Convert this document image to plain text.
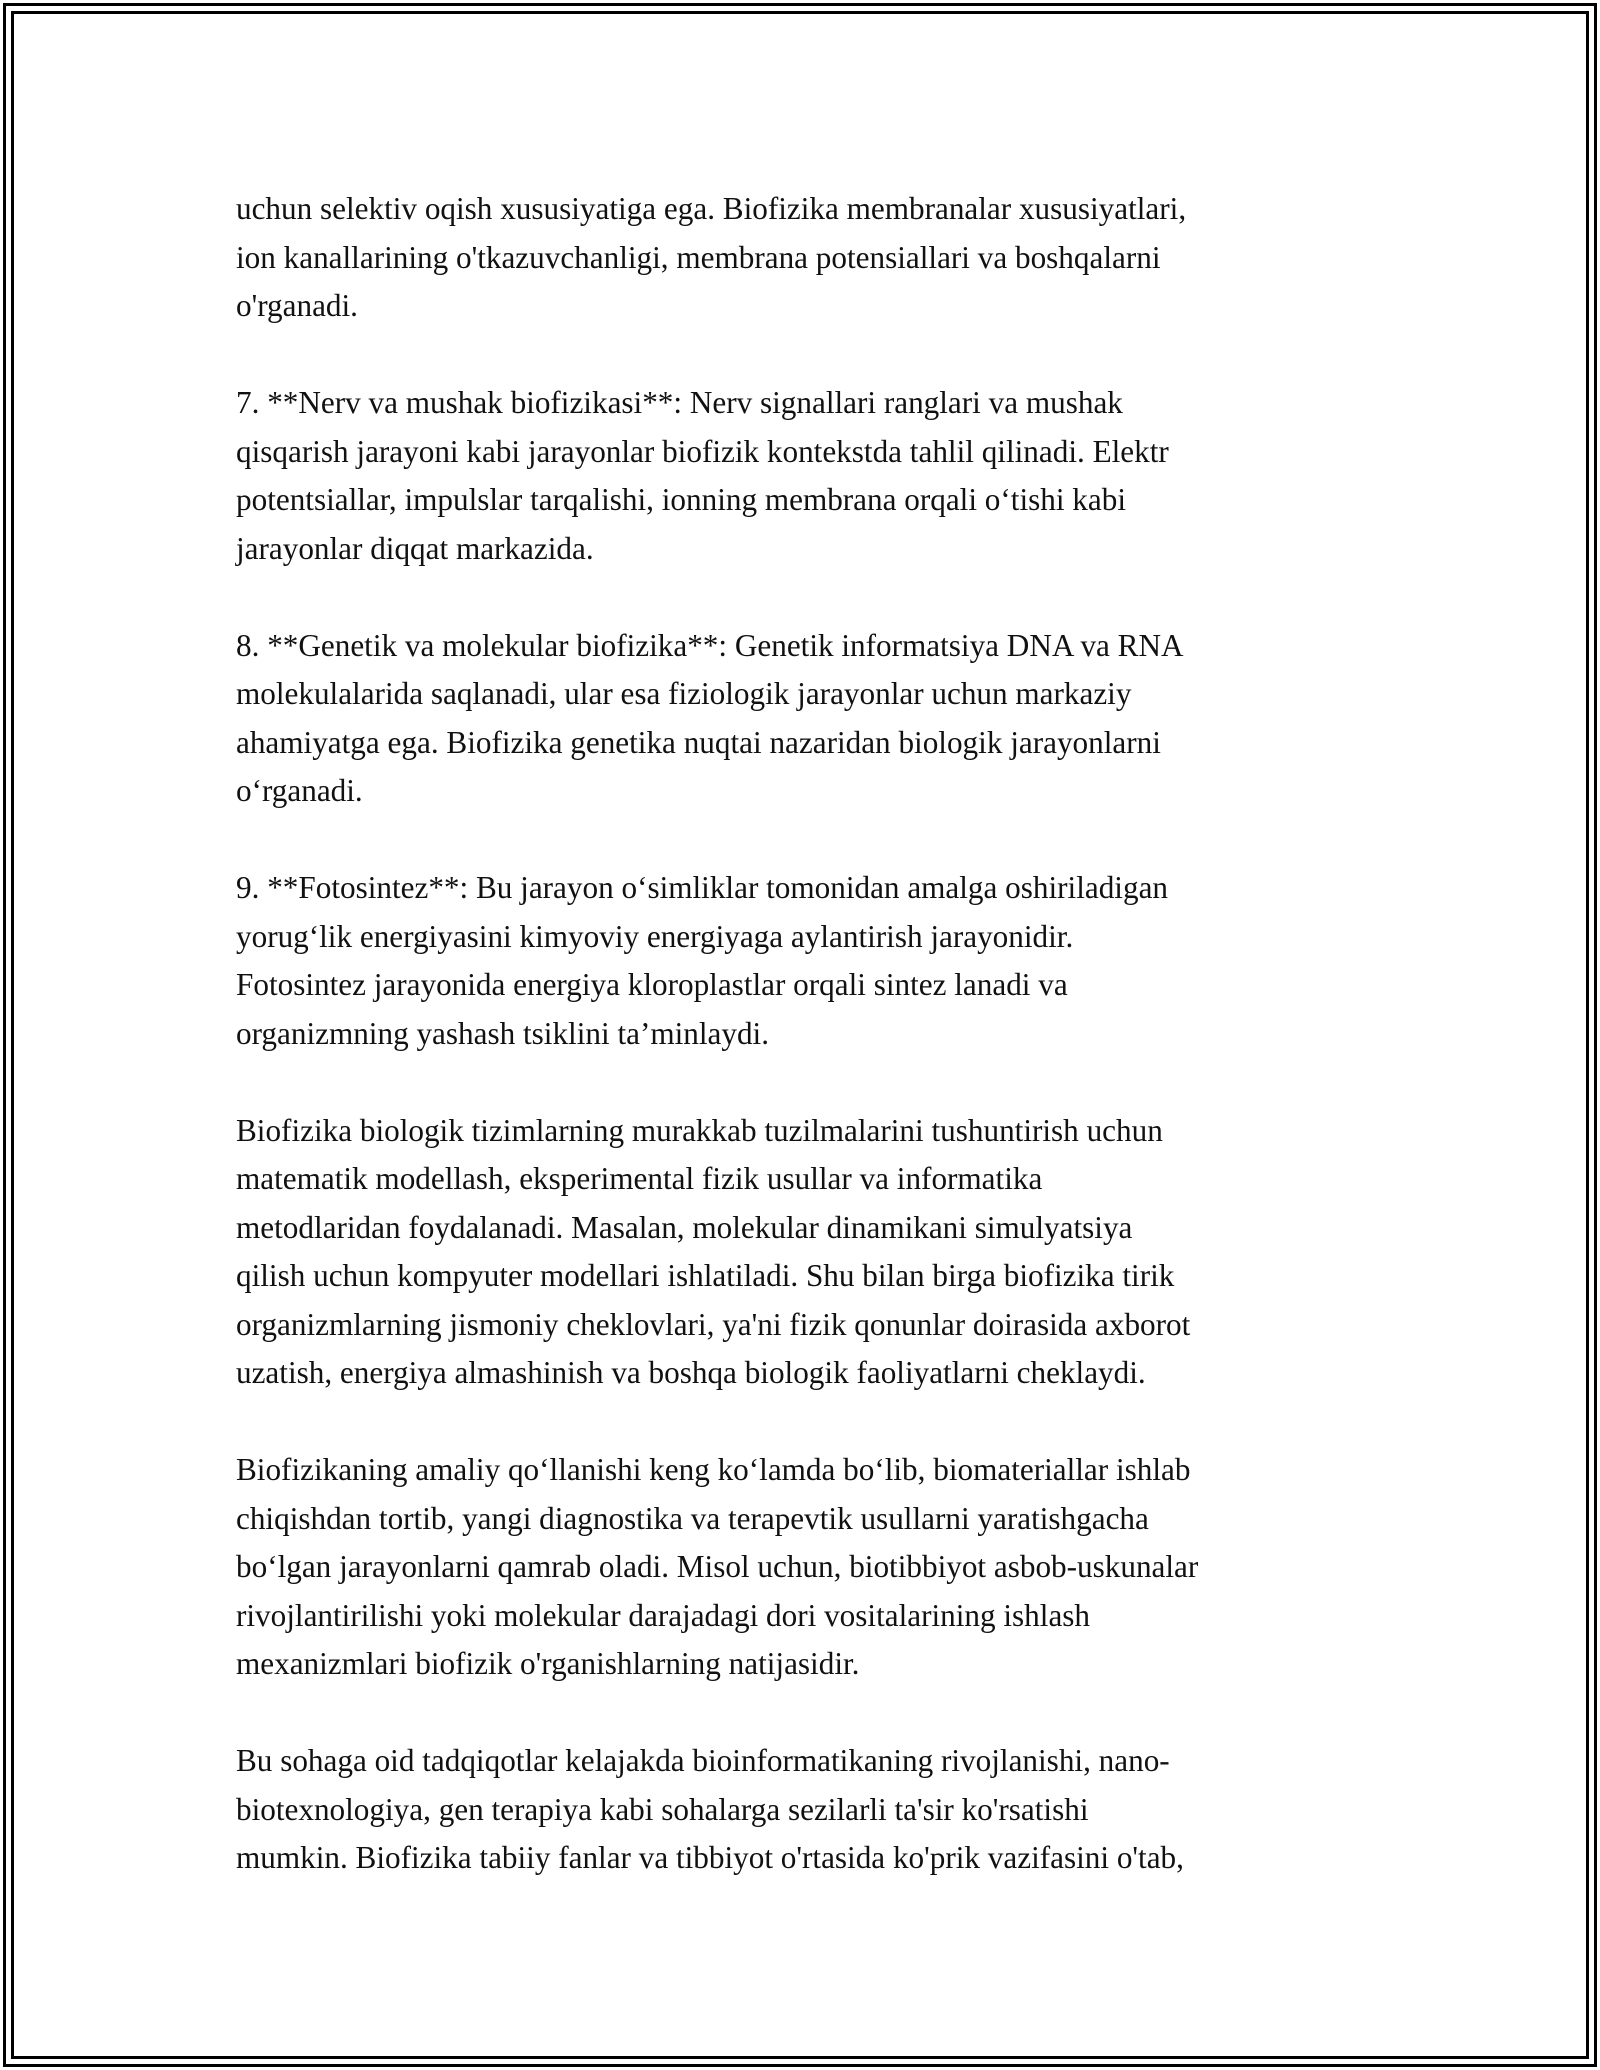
uchun selektiv oqish xususiyatiga ega. Biofizika membranalar xususiyatlari,
ion kanallarining o'tkazuvchanligi, membrana potensiallari va boshqalarni
o'rganadi.

7. **Nerv va mushak biofizikasi**: Nerv signallari ranglari va mushak
qisqarish jarayoni kabi jarayonlar biofizik kontekstda tahlil qilinadi. Elektr
potentsiallar, impulslar tarqalishi, ionning membrana orqali o‘tishi kabi
jarayonlar diqqat markazida.

8. **Genetik va molekular biofizika**: Genetik informatsiya DNA va RNA
molekulalarida saqlanadi, ular esa fiziologik jarayonlar uchun markaziy
ahamiyatga ega. Biofizika genetika nuqtai nazaridan biologik jarayonlarni
o‘rganadi.

9. **Fotosintez**: Bu jarayon o‘simliklar tomonidan amalga oshiriladigan
yorug‘lik energiyasini kimyoviy energiyaga aylantirish jarayonidir.
Fotosintez jarayonida energiya kloroplastlar orqali sintez lanadi va
organizmning yashash tsiklini ta’minlaydi.

Biofizika biologik tizimlarning murakkab tuzilmalarini tushuntirish uchun
matematik modellash, eksperimental fizik usullar va informatika
metodlaridan foydalanadi. Masalan, molekular dinamikani simulyatsiya
qilish uchun kompyuter modellari ishlatiladi. Shu bilan birga biofizika tirik
organizmlarning jismoniy cheklovlari, ya'ni fizik qonunlar doirasida axborot
uzatish, energiya almashinish va boshqa biologik faoliyatlarni cheklaydi.

Biofizikaning amaliy qo‘llanishi keng ko‘lamda bo‘lib, biomateriallar ishlab
chiqishdan tortib, yangi diagnostika va terapevtik usullarni yaratishgacha
bo‘lgan jarayonlarni qamrab oladi. Misol uchun, biotibbiyot asbob-uskunalar
rivojlantirilishi yoki molekular darajadagi dori vositalarining ishlash
mexanizmlari biofizik o'rganishlarning natijasidir.

Bu sohaga oid tadqiqotlar kelajakda bioinformatikaning rivojlanishi, nano-
biotexnologiya, gen terapiya kabi sohalarga sezilarli ta'sir ko'rsatishi
mumkin. Biofizika tabiiy fanlar va tibbiyot o'rtasida ko'prik vazifasini o'tab,
